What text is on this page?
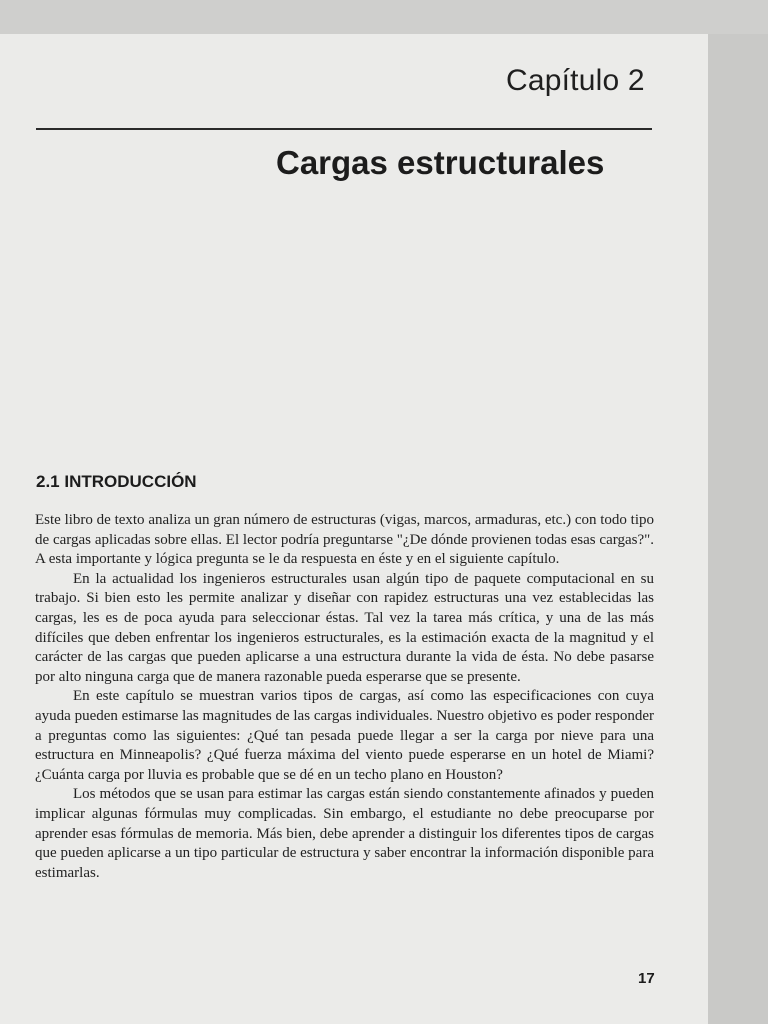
Capítulo 2
Cargas estructurales
2.1 INTRODUCCIÓN

Este libro de texto analiza un gran número de estructuras (vigas, marcos, armaduras, etc.) con todo tipo de cargas aplicadas sobre ellas. El lector podría preguntarse "¿De dónde provienen todas esas cargas?". A esta importante y lógica pregunta se le da respuesta en éste y en el siguiente capítulo.

En la actualidad los ingenieros estructurales usan algún tipo de paquete computacional en su trabajo. Si bien esto les permite analizar y diseñar con rapidez estructuras una vez establecidas las cargas, les es de poca ayuda para seleccionar éstas. Tal vez la tarea más crítica, y una de las más difíciles que deben enfrentar los ingenieros estructurales, es la estimación exacta de la magnitud y el carácter de las cargas que pueden aplicarse a una estructura durante la vida de ésta. No debe pasarse por alto ninguna carga que de manera razonable pueda esperarse que se presente.

En este capítulo se muestran varios tipos de cargas, así como las especificaciones con cuya ayuda pueden estimarse las magnitudes de las cargas individuales. Nuestro objetivo es poder responder a preguntas como las siguientes: ¿Qué tan pesada puede llegar a ser la carga por nieve para una estructura en Minneapolis? ¿Qué fuerza máxima del viento puede esperarse en un hotel de Miami? ¿Cuánta carga por lluvia es probable que se dé en un techo plano en Houston?

Los métodos que se usan para estimar las cargas están siendo constantemente afinados y pueden implicar algunas fórmulas muy complicadas. Sin embargo, el estudiante no debe preocuparse por aprender esas fórmulas de memoria. Más bien, debe aprender a distinguir los diferentes tipos de cargas que pueden aplicarse a un tipo particular de estructura y saber encontrar la información disponible para estimarlas.

17
